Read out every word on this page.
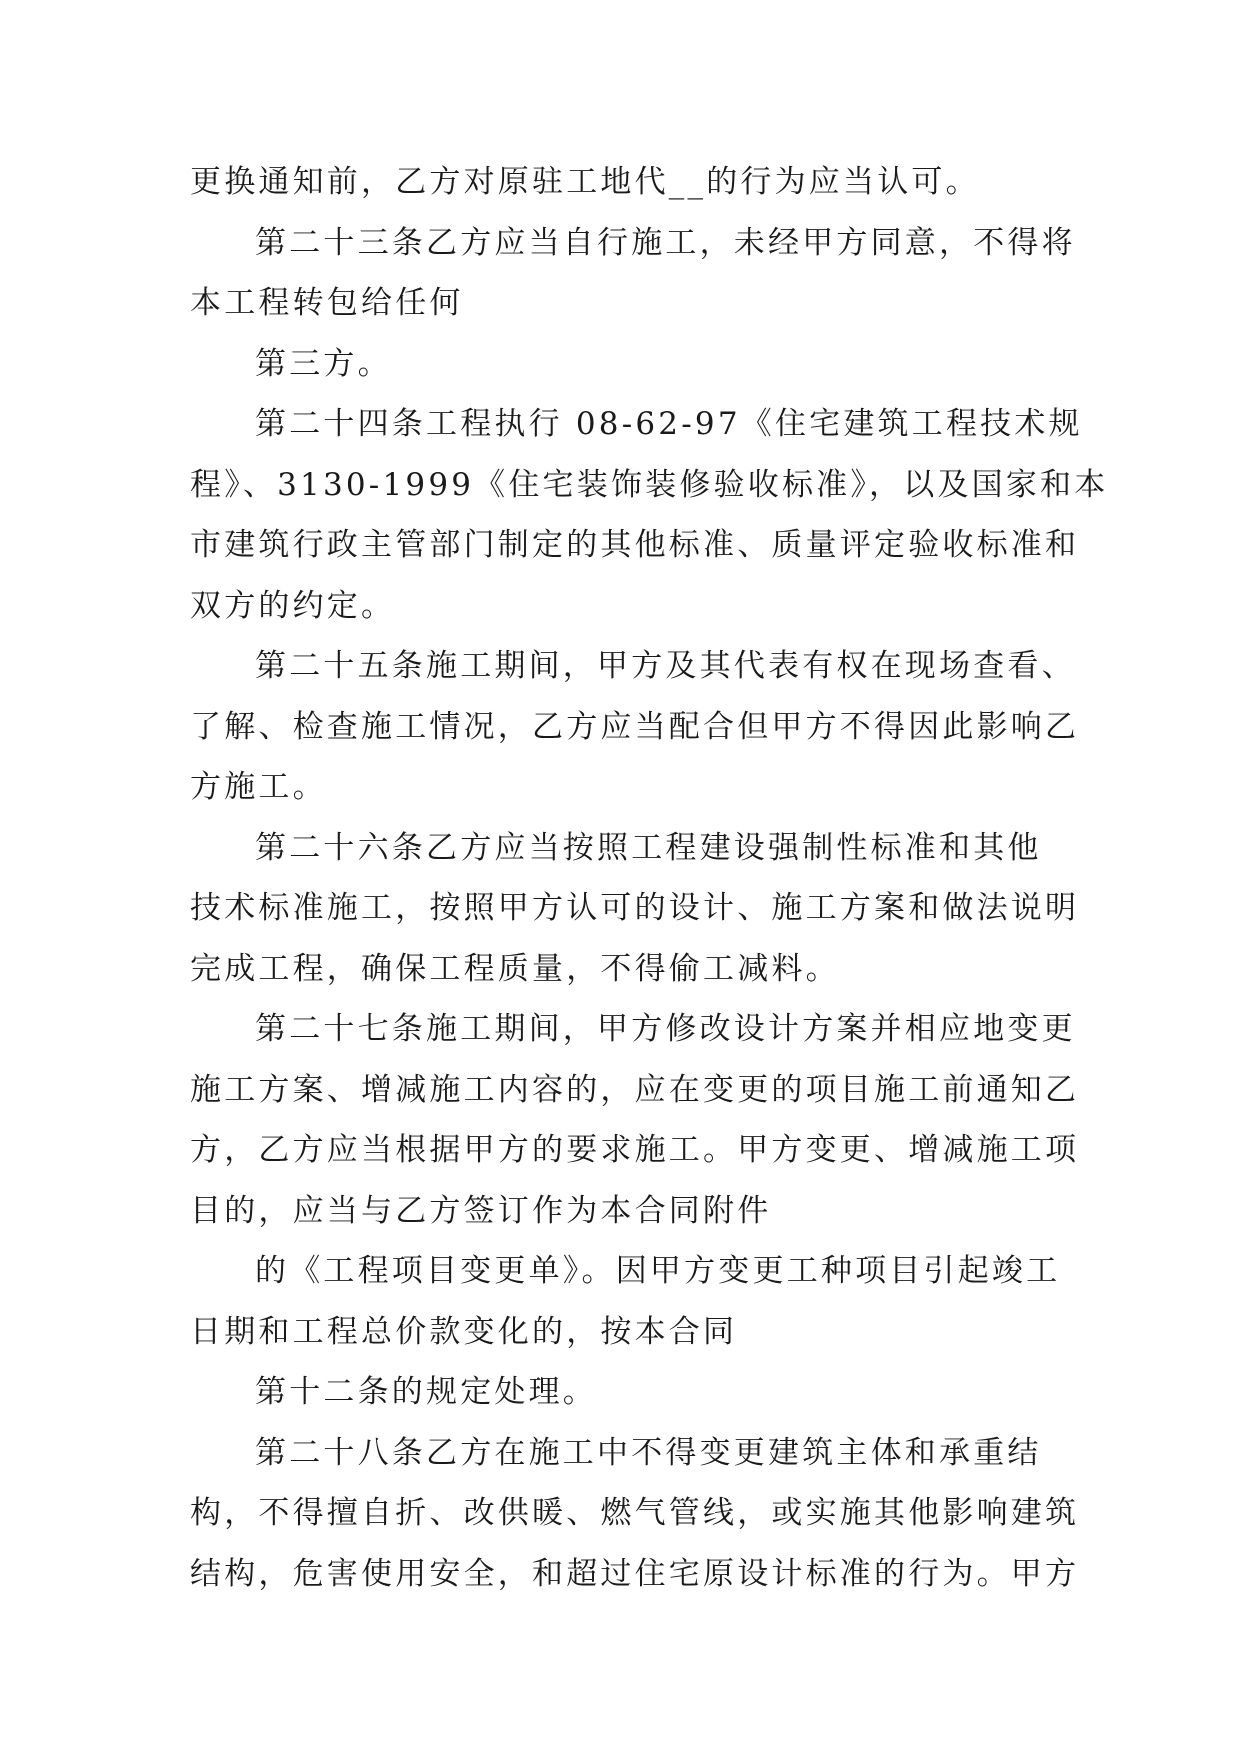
更换通知前，乙方对原驻工地代__的行为应当认可。
第二十三条乙方应当自行施工，未经甲方同意，不得将
本工程转包给任何
第三方。
第二十四条工程执行 08-62-97《住宅建筑工程技术规
程》、3130-1999《住宅装饰装修验收标准》，以及国家和本
市建筑行政主管部门制定的其他标准、质量评定验收标准和
双方的约定。
第二十五条施工期间，甲方及其代表有权在现场查看、
了解、检查施工情况，乙方应当配合但甲方不得因此影响乙
方施工。
第二十六条乙方应当按照工程建设强制性标准和其他
技术标准施工，按照甲方认可的设计、施工方案和做法说明
完成工程，确保工程质量，不得偷工减料。
第二十七条施工期间，甲方修改设计方案并相应地变更
施工方案、增减施工内容的，应在变更的项目施工前通知乙
方，乙方应当根据甲方的要求施工。甲方变更、增减施工项
目的，应当与乙方签订作为本合同附件
的《工程项目变更单》。因甲方变更工种项目引起竣工
日期和工程总价款变化的，按本合同
第十二条的规定处理。
第二十八条乙方在施工中不得变更建筑主体和承重结
构，不得擅自折、改供暖、燃气管线，或实施其他影响建筑
结构，危害使用安全，和超过住宅原设计标准的行为。甲方
